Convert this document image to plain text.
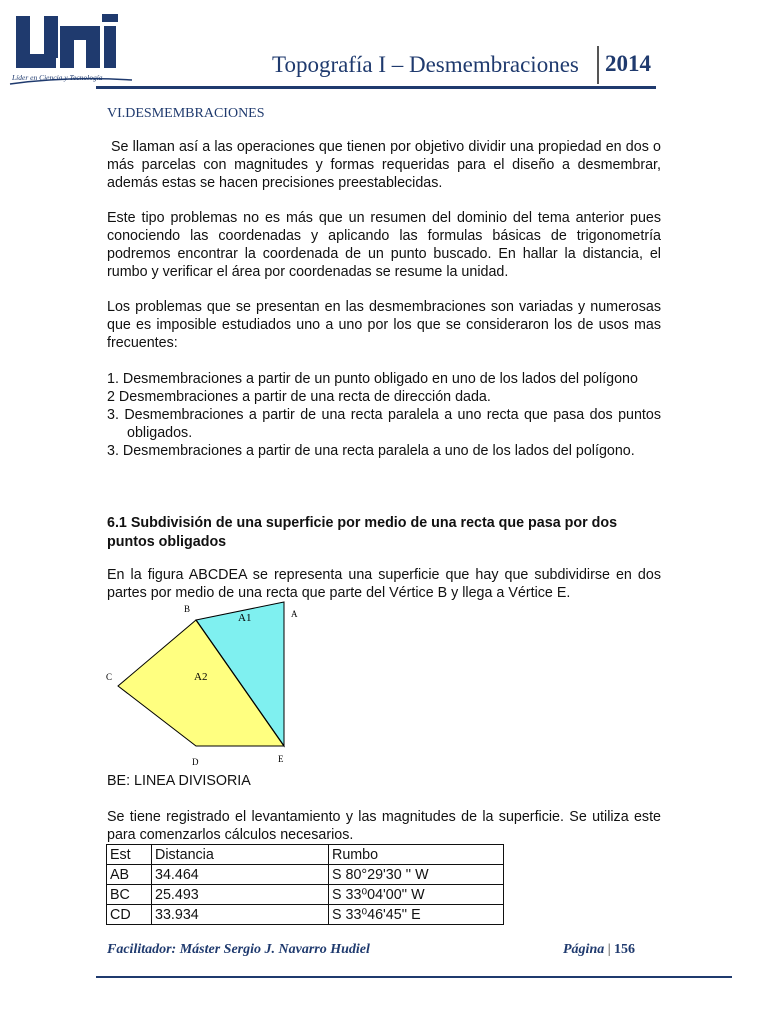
Líder en Ciencia y Tecnología
Topografía I – Desmembraciones 2014
VI.DESMEMBRACIONES

Se llaman así a las operaciones que tienen por objetivo dividir una propiedad en dos o más parcelas con magnitudes y formas requeridas para el diseño a desmembrar, además estas se hacen precisiones preestablecidas.

Este tipo problemas no es más que un resumen del dominio del tema anterior pues conociendo las coordenadas y aplicando las formulas básicas de trigonometría podremos encontrar la coordenada de un punto buscado. En hallar la distancia, el rumbo y verificar el área por coordenadas se resume la unidad.

Los problemas que se presentan en las desmembraciones son variadas y numerosas que es imposible estudiados uno a uno por los que se consideraron los de usos mas frecuentes:

1. Desmembraciones a partir de un punto obligado en uno de los lados del polígono

2 Desmembraciones a partir de una recta de dirección dada.

3. Desmembraciones a partir de una recta paralela a uno recta que pasa dos puntos obligados.

3. Desmembraciones a partir de una recta paralela a uno de los lados del polígono.

6.1 Subdivisión de una superficie por medio de una recta que pasa por dos puntos obligados

En la figura ABCDEA se representa una superficie que hay que subdividirse en dos partes por medio de una recta que parte del Vértice B y llega a Vértice E.

B	A
C
D	E
A1
A2
BE: LINEA DIVISORIA

Se tiene registrado el levantamiento y las magnitudes de la superficie. Se utiliza este para comenzarlos cálculos necesarios.

Est	Distancia	Rumbo
AB	34.464	S 80°29'30 '' W
BC	25.493	S 33⁰04'00'' W
CD	33.934	S 33⁰46'45'' E
Facilitador: Máster Sergio J. Navarro Hudiel	Página | 156
